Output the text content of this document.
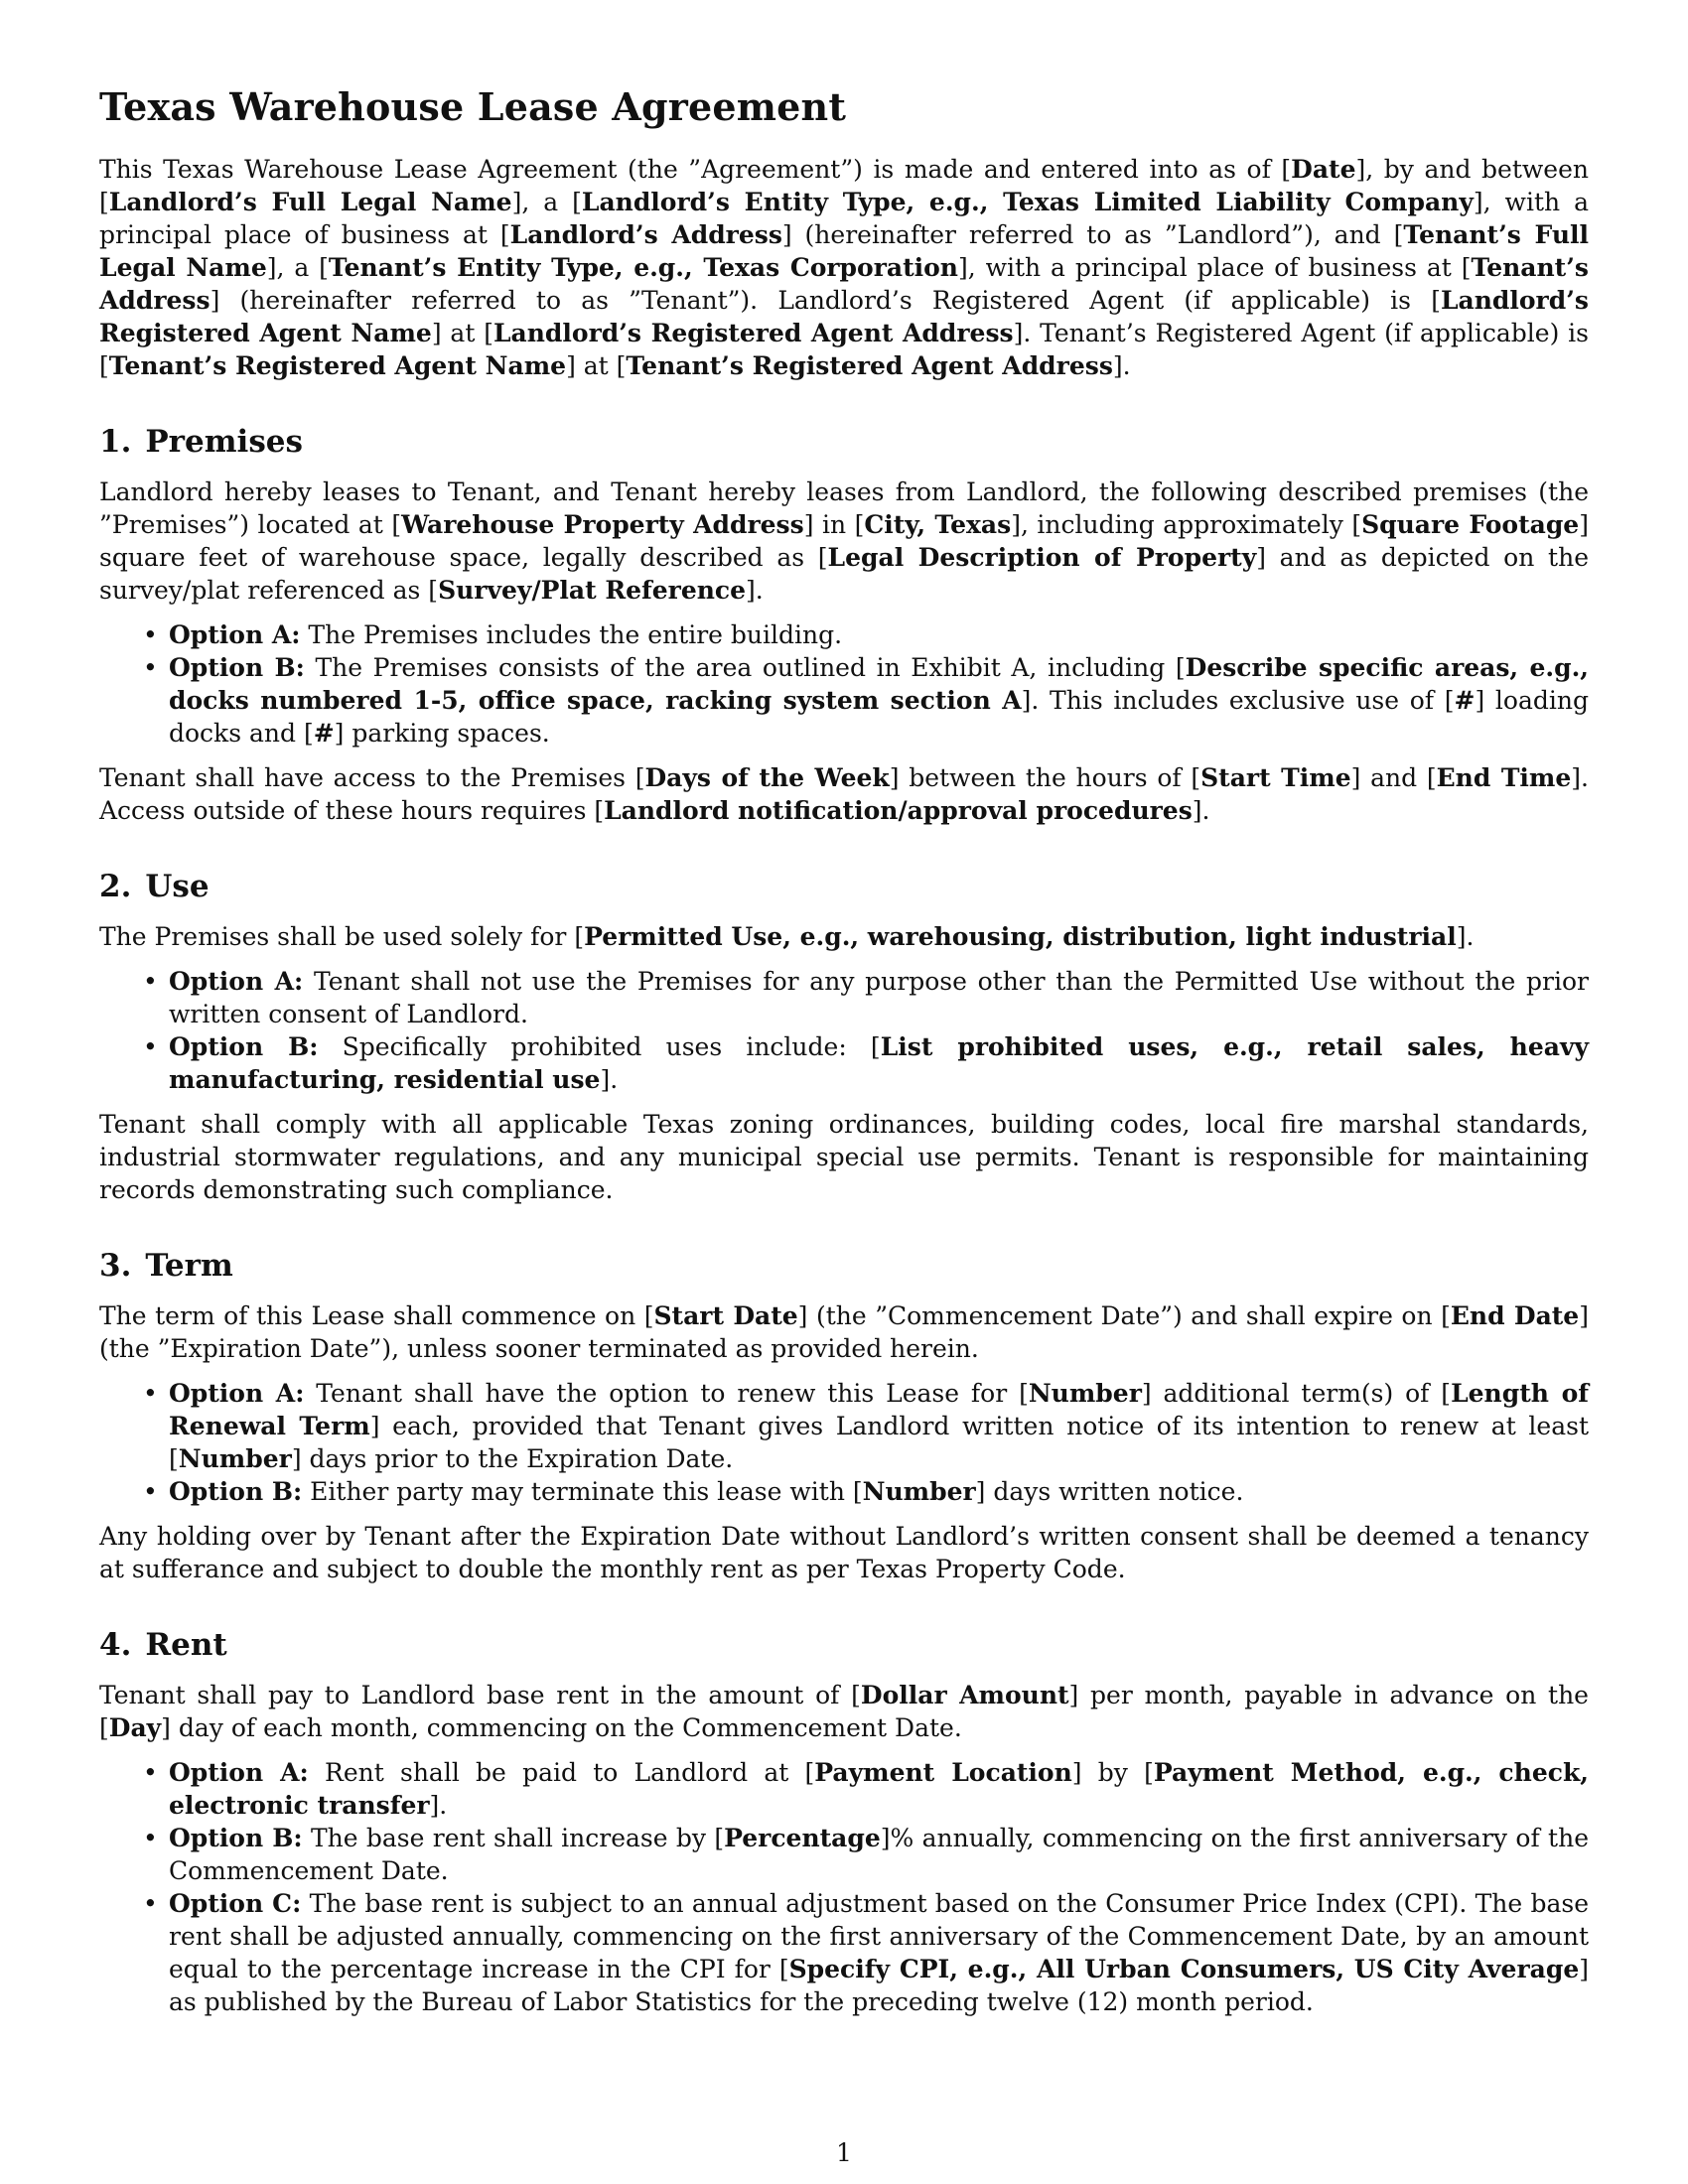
Texas Warehouse Lease Agreement

This Texas Warehouse Lease Agreement (the ”Agreement”) is made and entered into as of [Date], by and between [Landlord’s Full Legal Name], a [Landlord’s Entity Type, e.g., Texas Limited Liability Company], with a principal place of business at [Landlord’s Address] (hereinafter referred to as ”Landlord”), and [Tenant’s Full Legal Name], a [Tenant’s Entity Type, e.g., Texas Corporation], with a principal place of business at [Tenant’s Address] (hereinafter referred to as ”Tenant”). Landlord’s Registered Agent (if applicable) is [Landlord’s Registered Agent Name] at [Landlord’s Registered Agent Address]. Tenant’s Registered Agent (if applicable) is [Tenant’s Registered Agent Name] at [Tenant’s Registered Agent Address].

1. Premises

Landlord hereby leases to Tenant, and Tenant hereby leases from Landlord, the following described premises (the ”Premises”) located at [Warehouse Property Address] in [City, Texas], including approximately [Square Footage] square feet of warehouse space, legally described as [Legal Description of Property] and as depicted on the survey/plat referenced as [Survey/Plat Reference].

• Option A: The Premises includes the entire building.
• Option B: The Premises consists of the area outlined in Exhibit A, including [Describe specific areas, e.g., docks numbered 1-5, office space, racking system section A]. This includes exclusive use of [#] loading docks and [#] parking spaces.

Tenant shall have access to the Premises [Days of the Week] between the hours of [Start Time] and [End Time]. Access outside of these hours requires [Landlord notification/approval procedures].

2. Use

The Premises shall be used solely for [Permitted Use, e.g., warehousing, distribution, light industrial].

• Option A: Tenant shall not use the Premises for any purpose other than the Permitted Use without the prior written consent of Landlord.
• Option B: Specifically prohibited uses include: [List prohibited uses, e.g., retail sales, heavy manufacturing, residential use].

Tenant shall comply with all applicable Texas zoning ordinances, building codes, local fire marshal standards, industrial stormwater regulations, and any municipal special use permits. Tenant is responsible for maintaining records demonstrating such compliance.

3. Term

The term of this Lease shall commence on [Start Date] (the ”Commencement Date”) and shall expire on [End Date] (the ”Expiration Date”), unless sooner terminated as provided herein.

• Option A: Tenant shall have the option to renew this Lease for [Number] additional term(s) of [Length of Renewal Term] each, provided that Tenant gives Landlord written notice of its intention to renew at least [Number] days prior to the Expiration Date.
• Option B: Either party may terminate this lease with [Number] days written notice.

Any holding over by Tenant after the Expiration Date without Landlord’s written consent shall be deemed a tenancy at sufferance and subject to double the monthly rent as per Texas Property Code.

4. Rent

Tenant shall pay to Landlord base rent in the amount of [Dollar Amount] per month, payable in advance on the [Day] day of each month, commencing on the Commencement Date.

• Option A: Rent shall be paid to Landlord at [Payment Location] by [Payment Method, e.g., check, electronic transfer].
• Option B: The base rent shall increase by [Percentage]% annually, commencing on the first anniversary of the Commencement Date.
• Option C: The base rent is subject to an annual adjustment based on the Consumer Price Index (CPI). The base rent shall be adjusted annually, commencing on the first anniversary of the Commencement Date, by an amount equal to the percentage increase in the CPI for [Specify CPI, e.g., All Urban Consumers, US City Average] as published by the Bureau of Labor Statistics for the preceding twelve (12) month period.
1
